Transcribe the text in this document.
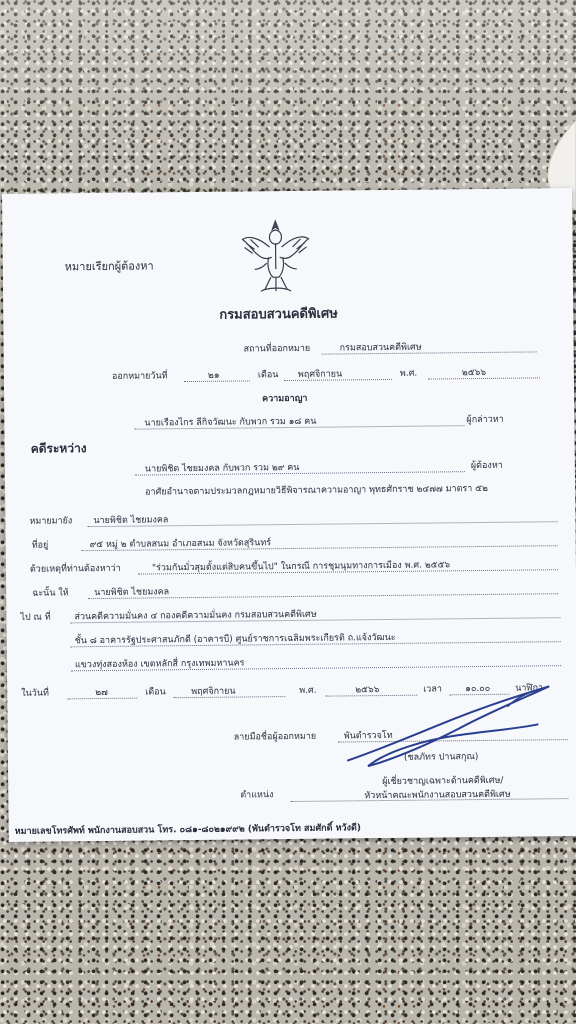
หมายเรียกผู้ต้องหา
กรมสอบสวนคดีพิเศษ
สถานที่ออกหมาย	กรมสอบสวนคดีพิเศษ
ออกหมายวันที่	๒๑	เดือน พฤศจิกายน	พ.ศ.	๒๕๖๖
ความอาญา
นายเรืองไกร ลีกิจวัฒนะ กับพวก รวม ๑๘ คน	ผู้กล่าวหา
คดีระหว่าง
นายพิชิต ไชยมงคล กับพวก รวม ๒๙ คน	ผู้ต้องหา
อาศัยอำนาจตามประมวลกฎหมายวิธีพิจารณาความอาญา พุทธศักราช ๒๔๗๗ มาตรา ๕๒
หมายมายัง นายพิชิต ไชยมงคล
ที่อยู่	๙๕ หมู่ ๒ ตำบลสนม อำเภอสนม จังหวัดสุรินทร์
ด้วยเหตุที่ท่านต้องหาว่า	"ร่วมกันมั่วสุมตั้งแต่สิบคนขึ้นไป" ในกรณี การชุมนุมทางการเมือง พ.ศ. ๒๕๕๖
ฉะนั้น ให้	นายพิชิต ไชยมงคล
ไป ณ ที่	ส่วนคดีความมั่นคง ๔ กองคดีความมั่นคง กรมสอบสวนคดีพิเศษ
ชั้น ๘ อาคารรัฐประศาสนภักดี (อาคารบี) ศูนย์ราชการเฉลิมพระเกียรติ ถ.แจ้งวัฒนะ
แขวงทุ่งสองห้อง เขตหลักสี่ กรุงเทพมหานคร
ในวันที่	๒๗	เดือน	พฤศจิกายน	พ.ศ.	๒๕๖๖	เวลา	๑๐.๐๐	นาฬิกา
ลายมือชื่อผู้ออกหมาย	พันตำรวจโท
(ชลภัทร ปานสกุณ)
ตำแหน่ง
ผู้เชี่ยวชาญเฉพาะด้านคดีพิเศษ/
หัวหน้าคณะพนักงานสอบสวนคดีพิเศษ
หมายเลขโทรศัพท์ พนักงานสอบสวน โทร. ๐๘๑-๘๐๒๑๙๙๒ (พันตำรวจโท สมศักดิ์ หวังดี)
